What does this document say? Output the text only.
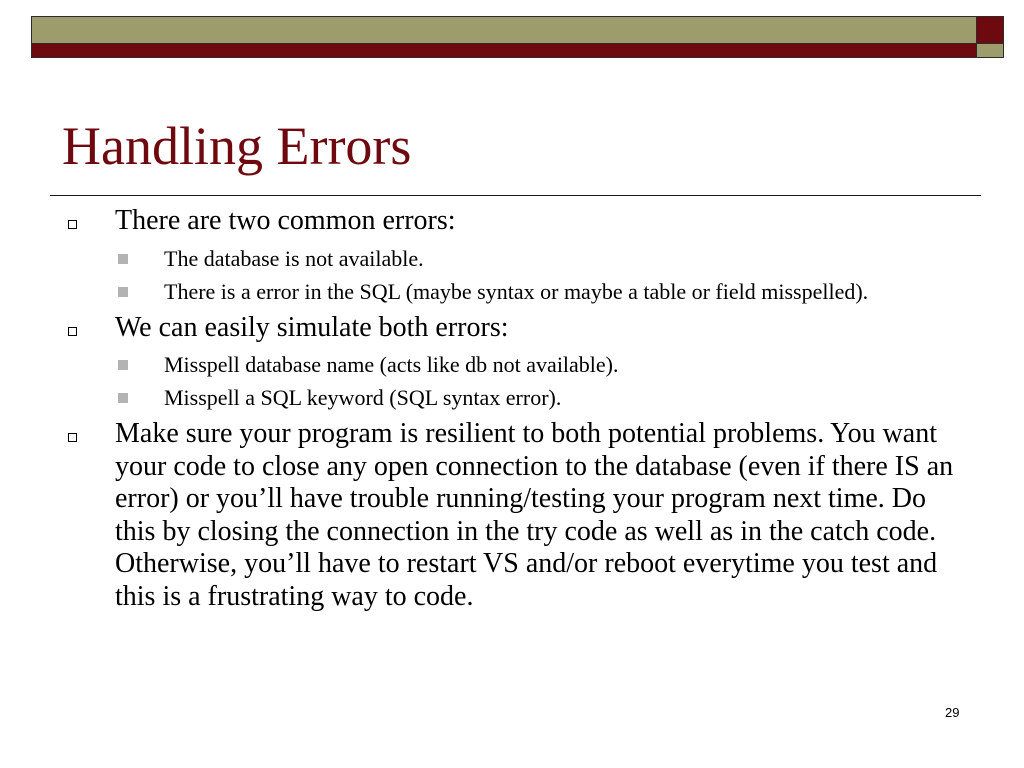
Handling Errors
There are two common errors:
The database is not available.
There is a error in the SQL (maybe syntax or maybe a table or field misspelled).
We can easily simulate both errors:
Misspell database name (acts like db not available).
Misspell a SQL keyword (SQL syntax error).
Make sure your program is resilient to both potential problems. You want your code to close any open connection to the database (even if there IS an error) or you’ll have trouble running/testing your program next time. Do this by closing the connection in the try code as well as in the catch code. Otherwise, you’ll have to restart VS and/or reboot everytime you test and this is a frustrating way to code.
29
